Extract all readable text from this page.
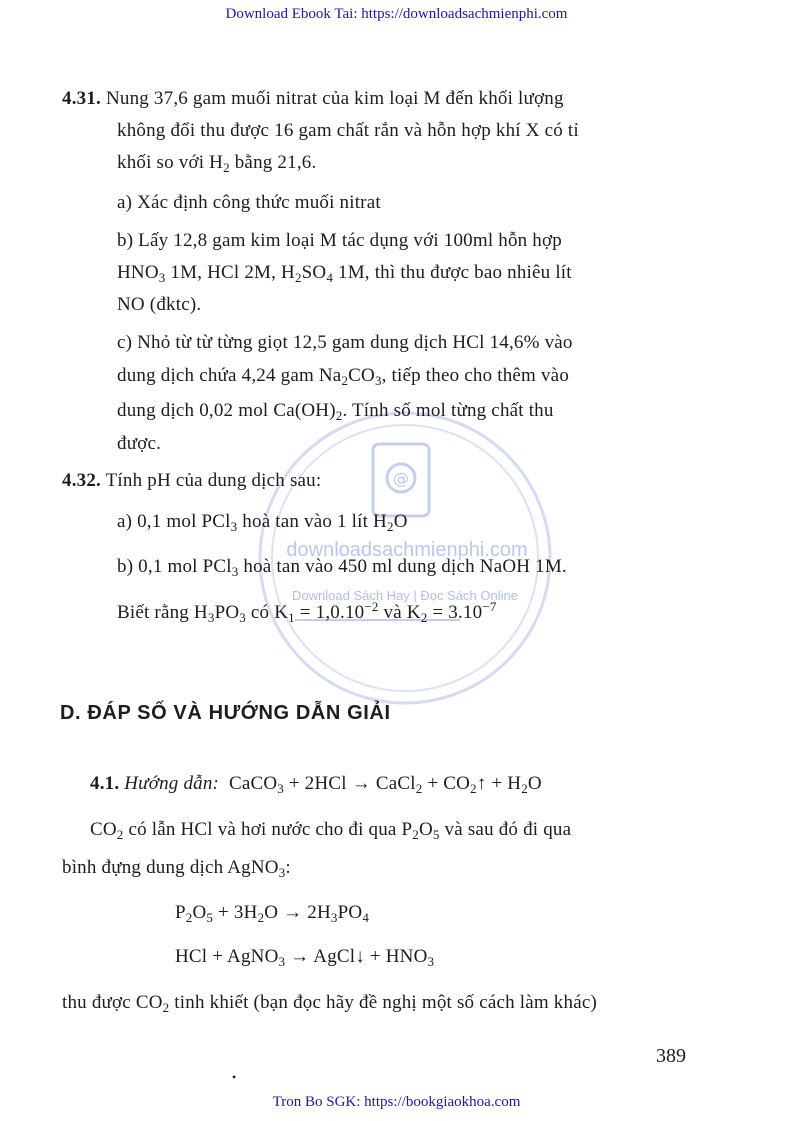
Download Ebook Tai: https://downloadsachmienphi.com
@
downloadsachmienphi.com
Download Sách Hay | Đọc Sách Online
4.31. Nung 37,6 gam muối nitrat của kim loại M đến khối lượng
không đổi thu được 16 gam chất rắn và hỗn hợp khí X có tỉ
khối so với $H_2$ bằng 21,6.
a) Xác định công thức muối nitrat
b) Lấy 12,8 gam kim loại M tác dụng với 100ml hỗn hợp
$HNO_3$ 1M, HCl 2M, $H_2SO_4$ 1M, thì thu được bao nhiêu lít
NO (đktc).
c) Nhỏ từ từ từng giọt 12,5 gam dung dịch HCl 14,6% vào
dung dịch chứa 4,24 gam $Na_2CO_3$, tiếp theo cho thêm vào
dung dịch 0,02 mol $Ca(OH)_2$. Tính số mol từng chất thu
được.
4.32. Tính pH của dung dịch sau:
a) 0,1 mol PCl$_3$ hoà tan vào 1 lít $H_2O$
b) 0,1 mol PCl$_3$ hoà tan vào 450 ml dung dịch NaOH 1M.
Biết rằng $H_3PO_3$ có $K_1 = 1,0.10^{-2}$ và $K_2 = 3.10^{-7}$
D. ĐÁP SỐ VÀ HƯỚNG DẪN GIẢI
4.1. Hướng dẫn:  CaCO$_3$ + 2HCl → CaCl$_2$ + $CO_2↑ + H_2O$
$CO_2$ có lẫn HCl và hơi nước cho đi qua $P_2O_5$ và sau đó đi qua
bình đựng dung dịch AgNO$_3$:
$P_2O_5 + 3H_2O \to 2H_3PO_4$
HCl + AgNO$_3$ → AgCl↓ + $HNO_3$
thu được $CO_2$ tinh khiết (bạn đọc hãy đề nghị một số cách làm khác)
389
•
Tron Bo SGK: https://bookgiaokhoa.com
